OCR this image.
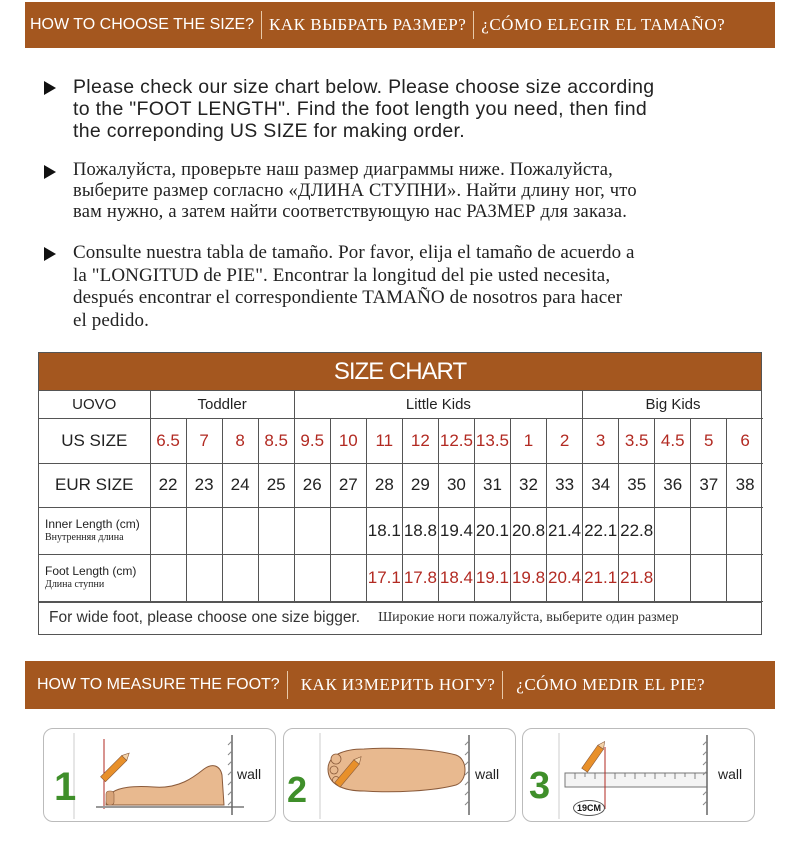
HOW TO CHOOSE THE SIZE? КАК ВЫБРАТЬ РАЗМЕР? ¿CÓMO ELEGIR EL TAMAÑO?

Please check our size chart below. Please choose size according
to the "FOOT LENGTH". Find the foot length you need, then find
the correponding US SIZE for making order.

Пожалуйста, проверьте наш размер диаграммы ниже. Пожалуйста,
выберите размер согласно «ДЛИНА СТУПНИ». Найти длину ног, что
вам нужно, а затем найти соответствующую нас РАЗМЕР для заказа.

Consulte nuestra tabla de tamaño. Por favor, elija el tamaño de acuerdo a
la "LONGITUD de PIE". Encontrar la longitud del pie usted necesita,
después encontrar el correspondiente TAMAÑO de nosotros para hacer
el pedido.

SIZE CHART
UOVO	Toddler				Little Kids								Big Kids				
US SIZE	6.5	7	8	8.5	9.5	10	11	12	12.5	13.5	1	2	3	3.5	4.5	5	6
EUR SIZE	22	23	24	25	26	27	28	29	30	31	32	33	34	35	36	37	38

Inner Length (cm)
Внутренняя длина							18.1	18.8	19.4	20.1	20.8	21.4	22.1	22.8			

Foot Length (cm)
Длина ступни							17.1	17.8	18.4	19.1	19.8	20.4	21.1	21.8			
For wide foot, please choose one size bigger. Широкие ноги пожалуйста, выберите один размер
HOW TO MEASURE THE FOOT? КАК ИЗМЕРИТЬ НОГУ? ¿CÓMO MEDIR EL PIE?
1	wall 2	wall 3
19CM
wall
